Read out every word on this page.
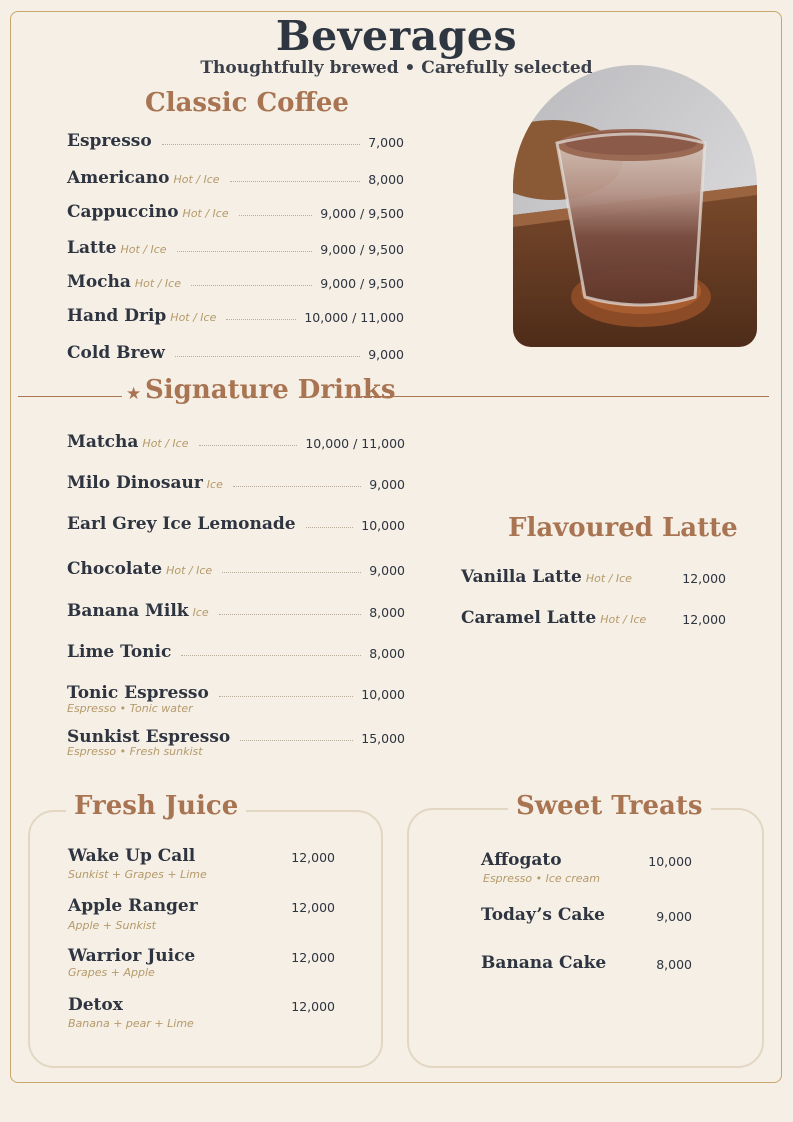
Beverages
Thoughtfully brewed • Carefully selected
Classic Coffee
Espresso	7,000
Americano Hot / Ice	8,000
Cappuccino Hot / Ice	9,000 / 9,500
Latte Hot / Ice	9,000 / 9,500
Mocha Hot / Ice	9,000 / 9,500
Hand Drip Hot / Ice	10,000 / 11,000
Cold Brew	9,000
★ Signature Drinks
Matcha Hot / Ice	10,000 / 11,000
Milo Dinosaur Ice	9,000
Earl Grey Ice Lemonade	10,000
Chocolate Hot / Ice	9,000
Banana Milk Ice	8,000
Lime Tonic	8,000
Tonic Espresso	10,000
Espresso • Tonic water
Sunkist Espresso	15,000
Espresso • Fresh sunkist
Flavoured Latte
Vanilla Latte Hot / Ice	12,000
Caramel Latte Hot / Ice	12,000
Fresh Juice
Wake Up Call	12,000
Sunkist + Grapes + Lime
Apple Ranger	12,000
Apple + Sunkist
Warrior Juice	12,000
Grapes + Apple
Detox	12,000
Banana + pear + Lime
Sweet Treats
Affogato	10,000
Espresso • Ice cream
Today’s Cake	9,000
Banana Cake	8,000
